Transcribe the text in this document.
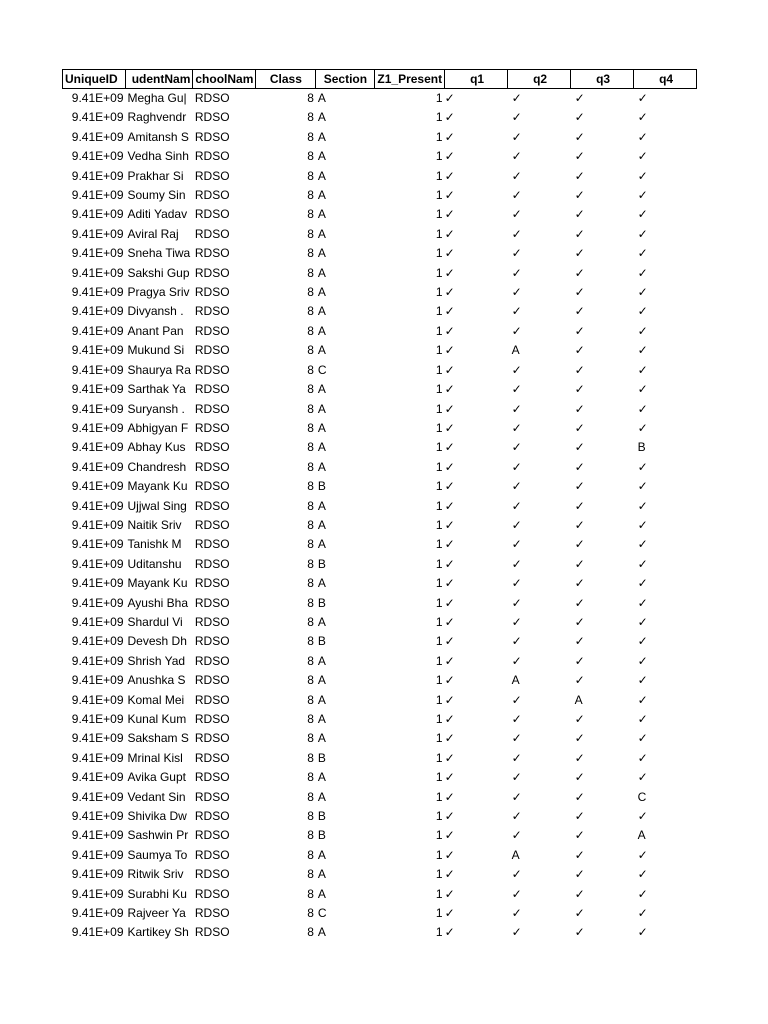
UniqueID	udentNam	choolNam	Class	Section	Z1_Present	q1	q2	q3	q4
9.41E+09	Megha Gu|	RDSO	8	A	1	✓	✓	✓	✓
9.41E+09	Raghvendr	RDSO	8	A	1	✓	✓	✓	✓
9.41E+09	Amitansh S	RDSO	8	A	1	✓	✓	✓	✓
9.41E+09	Vedha Sinh	RDSO	8	A	1	✓	✓	✓	✓
9.41E+09	Prakhar Si	RDSO	8	A	1	✓	✓	✓	✓
9.41E+09	Soumy Sin	RDSO	8	A	1	✓	✓	✓	✓
9.41E+09	Aditi Yadav	RDSO	8	A	1	✓	✓	✓	✓
9.41E+09	Aviral Raj	RDSO	8	A	1	✓	✓	✓	✓
9.41E+09	Sneha Tiwa	RDSO	8	A	1	✓	✓	✓	✓
9.41E+09	Sakshi Gup	RDSO	8	A	1	✓	✓	✓	✓
9.41E+09	Pragya Sriv	RDSO	8	A	1	✓	✓	✓	✓
9.41E+09	Divyansh .	RDSO	8	A	1	✓	✓	✓	✓
9.41E+09	Anant Pan	RDSO	8	A	1	✓	✓	✓	✓
9.41E+09	Mukund Si	RDSO	8	A	1	✓	A	✓	✓
9.41E+09	Shaurya Ra	RDSO	8	C	1	✓	✓	✓	✓
9.41E+09	Sarthak Ya	RDSO	8	A	1	✓	✓	✓	✓
9.41E+09	Suryansh .	RDSO	8	A	1	✓	✓	✓	✓
9.41E+09	Abhigyan F	RDSO	8	A	1	✓	✓	✓	✓
9.41E+09	Abhay Kus	RDSO	8	A	1	✓	✓	✓	B
9.41E+09	Chandresh	RDSO	8	A	1	✓	✓	✓	✓
9.41E+09	Mayank Ku	RDSO	8	B	1	✓	✓	✓	✓
9.41E+09	Ujjwal Sing	RDSO	8	A	1	✓	✓	✓	✓
9.41E+09	Naitik Sriv	RDSO	8	A	1	✓	✓	✓	✓
9.41E+09	Tanishk M	RDSO	8	A	1	✓	✓	✓	✓
9.41E+09	Uditanshu	RDSO	8	B	1	✓	✓	✓	✓
9.41E+09	Mayank Ku	RDSO	8	A	1	✓	✓	✓	✓
9.41E+09	Ayushi Bha	RDSO	8	B	1	✓	✓	✓	✓
9.41E+09	Shardul Vi	RDSO	8	A	1	✓	✓	✓	✓
9.41E+09	Devesh Dh	RDSO	8	B	1	✓	✓	✓	✓
9.41E+09	Shrish Yad	RDSO	8	A	1	✓	✓	✓	✓
9.41E+09	Anushka S	RDSO	8	A	1	✓	A	✓	✓
9.41E+09	Komal Mei	RDSO	8	A	1	✓	✓	A	✓
9.41E+09	Kunal Kum	RDSO	8	A	1	✓	✓	✓	✓
9.41E+09	Saksham S	RDSO	8	A	1	✓	✓	✓	✓
9.41E+09	Mrinal Kisl	RDSO	8	B	1	✓	✓	✓	✓
9.41E+09	Avika Gupt	RDSO	8	A	1	✓	✓	✓	✓
9.41E+09	Vedant Sin	RDSO	8	A	1	✓	✓	✓	C
9.41E+09	Shivika Dw	RDSO	8	B	1	✓	✓	✓	✓
9.41E+09	Sashwin Pr	RDSO	8	B	1	✓	✓	✓	A
9.41E+09	Saumya To	RDSO	8	A	1	✓	A	✓	✓
9.41E+09	Ritwik Sriv	RDSO	8	A	1	✓	✓	✓	✓
9.41E+09	Surabhi Ku	RDSO	8	A	1	✓	✓	✓	✓
9.41E+09	Rajveer Ya	RDSO	8	C	1	✓	✓	✓	✓
9.41E+09	Kartikey Sh	RDSO	8	A	1	✓	✓	✓	✓
